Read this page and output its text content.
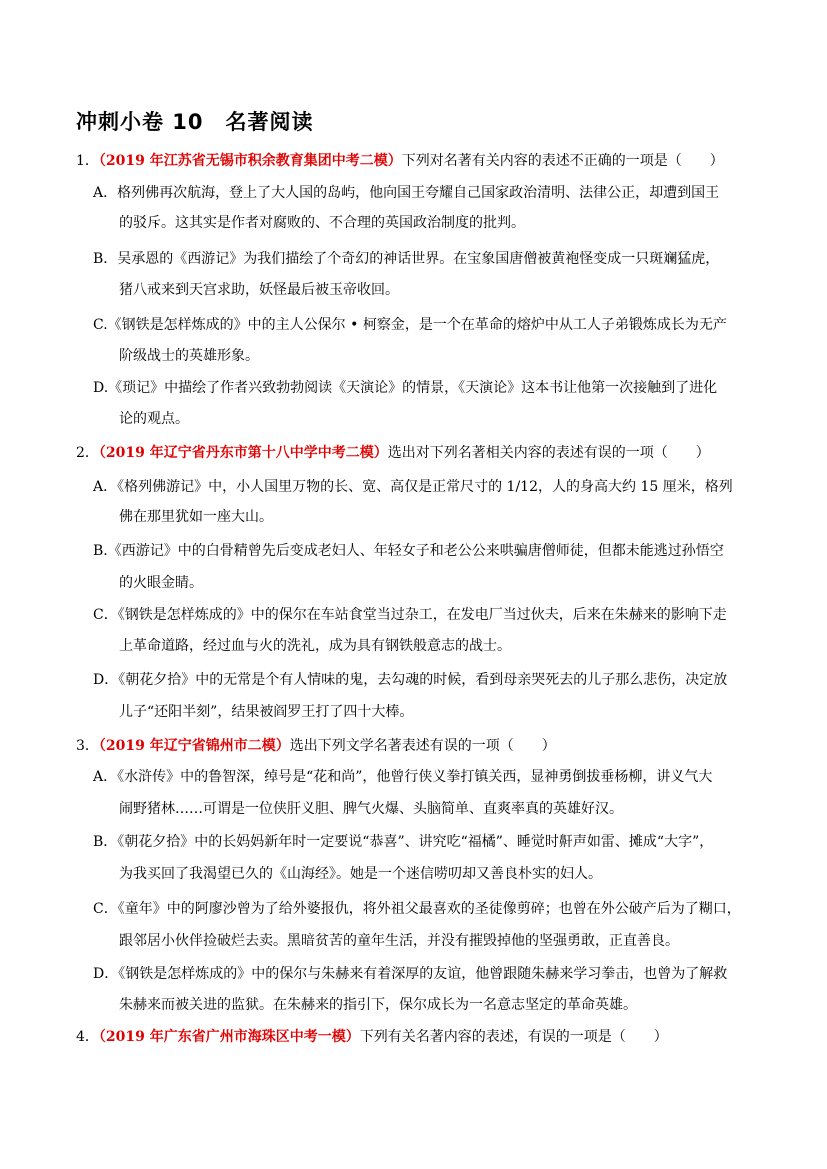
冲刺小卷 10　名著阅读
1．（2019 年江苏省无锡市积余教育集团中考二模）下列对名著有关内容的表述不正确的一项是（　　）
A．格列佛再次航海，登上了大人国的岛屿，他向国王夸耀自己国家政治清明、法律公正，却遭到国王
的驳斥。这其实是作者对腐败的、不合理的英国政治制度的批判。
B．吴承恩的《西游记》为我们描绘了个奇幻的神话世界。在宝象国唐僧被黄袍怪变成一只斑斓猛虎，
猪八戒来到天宫求助，妖怪最后被玉帝收回。
C.《钢铁是怎样炼成的》中的主人公保尔 • 柯察金，是一个在革命的熔炉中从工人子弟锻炼成长为无产
阶级战士的英雄形象。
D.《琐记》中描绘了作者兴致勃勃阅读《天演论》的情景，《天演论》这本书让他第一次接触到了进化
论的观点。
2．（2019 年辽宁省丹东市第十八中学中考二模）选出对下列名著相关内容的表述有误的一项（　　）
A．《格列佛游记》中，小人国里万物的长、宽、高仅是正常尺寸的 1/12，人的身高大约 15 厘米，格列
佛在那里犹如一座大山。
B.《西游记》中的白骨精曾先后变成老妇人、年轻女子和老公公来哄骗唐僧师徒，但都未能逃过孙悟空
的火眼金睛。
C．《钢铁是怎样炼成的》中的保尔在车站食堂当过杂工，在发电厂当过伙夫，后来在朱赫来的影响下走
上革命道路，经过血与火的洗礼，成为具有钢铁般意志的战士。
D．《朝花夕拾》中的无常是个有人情味的鬼，去勾魂的时候，看到母亲哭死去的儿子那么悲伤，决定放
儿子“还阳半刻”，结果被阎罗王打了四十大棒。
3．（2019 年辽宁省锦州市二模）选出下列文学名著表述有误的一项（　　）
A．《水浒传》中的鲁智深，绰号是“花和尚”，他曾行侠义拳打镇关西，显神勇倒拔垂杨柳，讲义气大
闹野猪林……可谓是一位侠肝义胆、脾气火爆、头脑简单、直爽率真的英雄好汉。
B．《朝花夕拾》中的长妈妈新年时一定要说“恭喜”、讲究吃“福橘”、睡觉时鼾声如雷、摊成“大字”，
为我买回了我渴望已久的《山海经》。她是一个迷信唠叨却又善良朴实的妇人。
C．《童年》中的阿廖沙曾为了给外婆报仇，将外祖父最喜欢的圣徒像剪碎；也曾在外公破产后为了糊口，
跟邻居小伙伴捡破烂去卖。黑暗贫苦的童年生活，并没有摧毁掉他的坚强勇敢，正直善良。
D．《钢铁是怎样炼成的》中的保尔与朱赫来有着深厚的友谊，他曾跟随朱赫来学习拳击，也曾为了解救
朱赫来而被关进的监狱。在朱赫来的指引下，保尔成长为一名意志坚定的革命英雄。
4．（2019 年广东省广州市海珠区中考一模）下列有关名著内容的表述，有误的一项是（　　）
